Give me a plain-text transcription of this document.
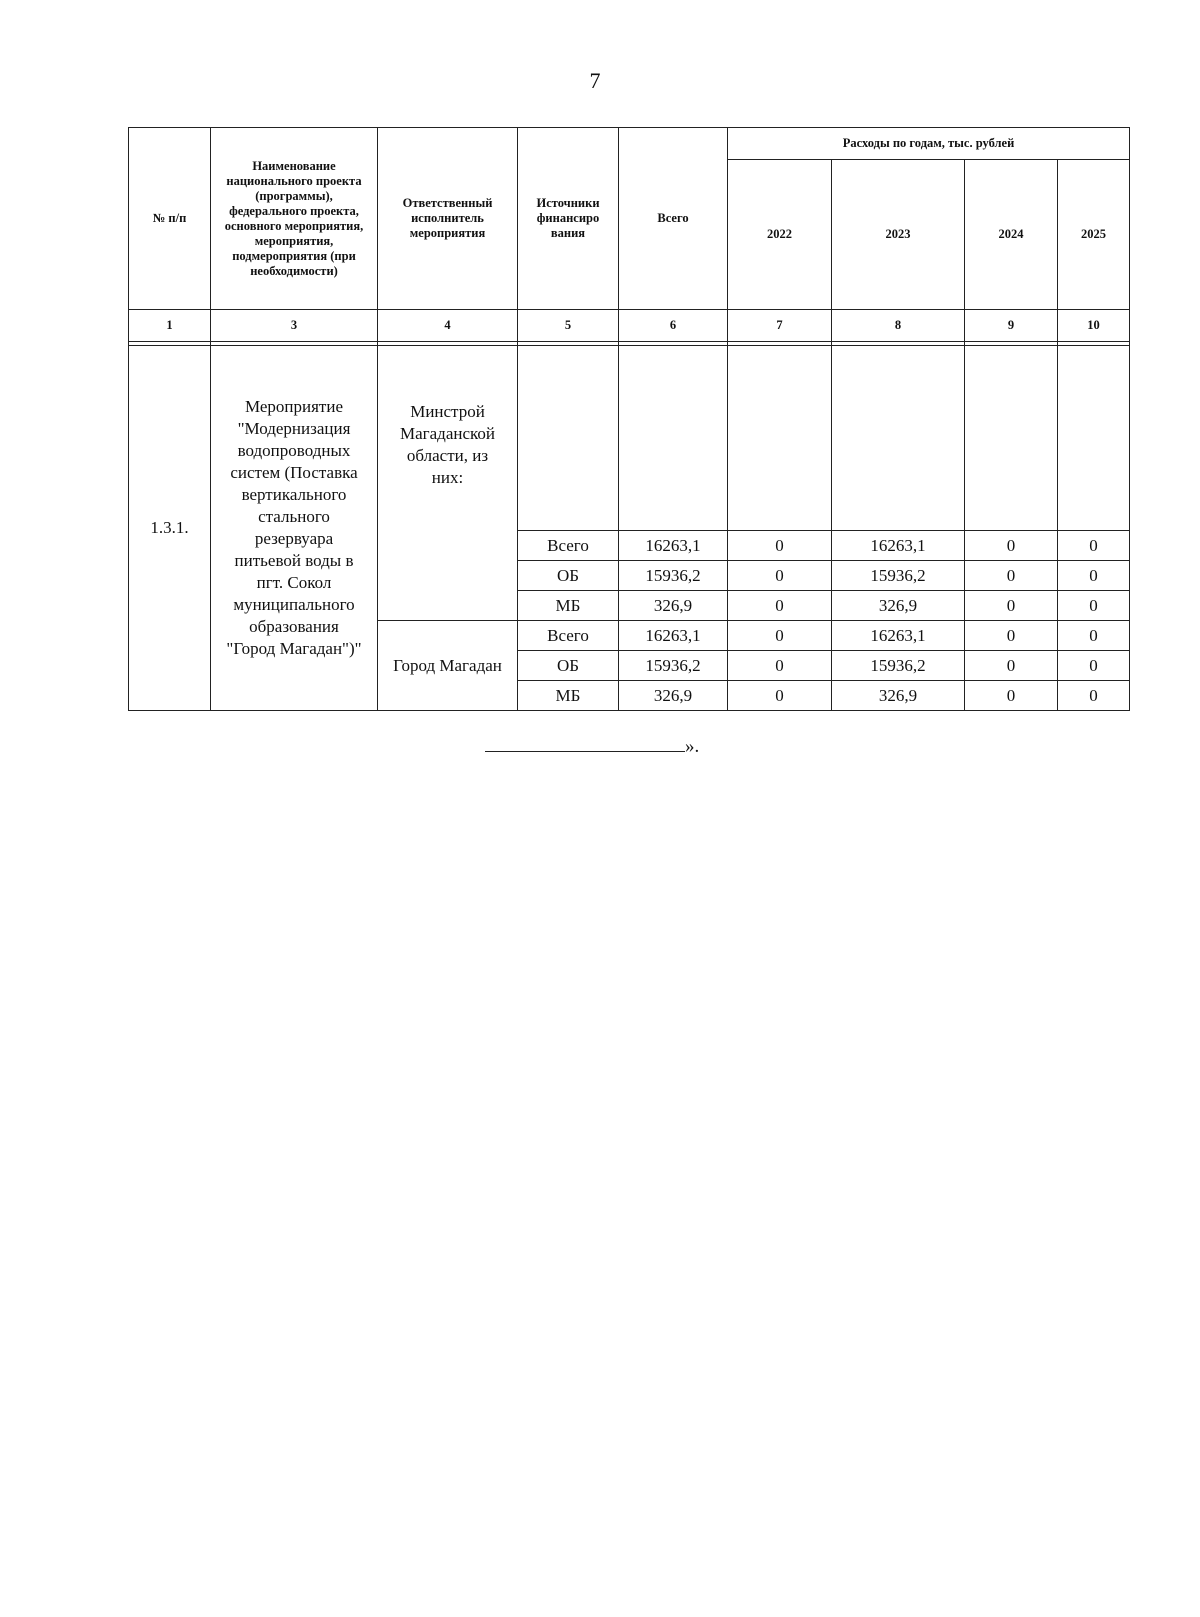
7
№ п/п	Наименование национального проекта (программы), федерального проекта, основного мероприятия, мероприятия, подмероприятия (при необходимости)	Ответственный исполнитель мероприятия	Источники финансиро вания	Всего	Расходы по годам, тыс. рублей			
					2022	2023	2024	2025
1	3	4	5	6	7	8	9	10

1.3.1.	Мероприятие "Модернизация водопроводных систем (Поставка вертикального стального резервуара питьевой воды в пгт. Сокол муниципального образования "Город Магадан")"	Минстрой Магаданской области, из них:						
			Всего	16263,1	0	16263,1	0	0
			ОБ	15936,2	0	15936,2	0	0
			МБ	326,9	0	326,9	0	0
		Город Магадан	Всего	16263,1	0	16263,1	0	0
			ОБ	15936,2	0	15936,2	0	0
			МБ	326,9	0	326,9	0	0
».
